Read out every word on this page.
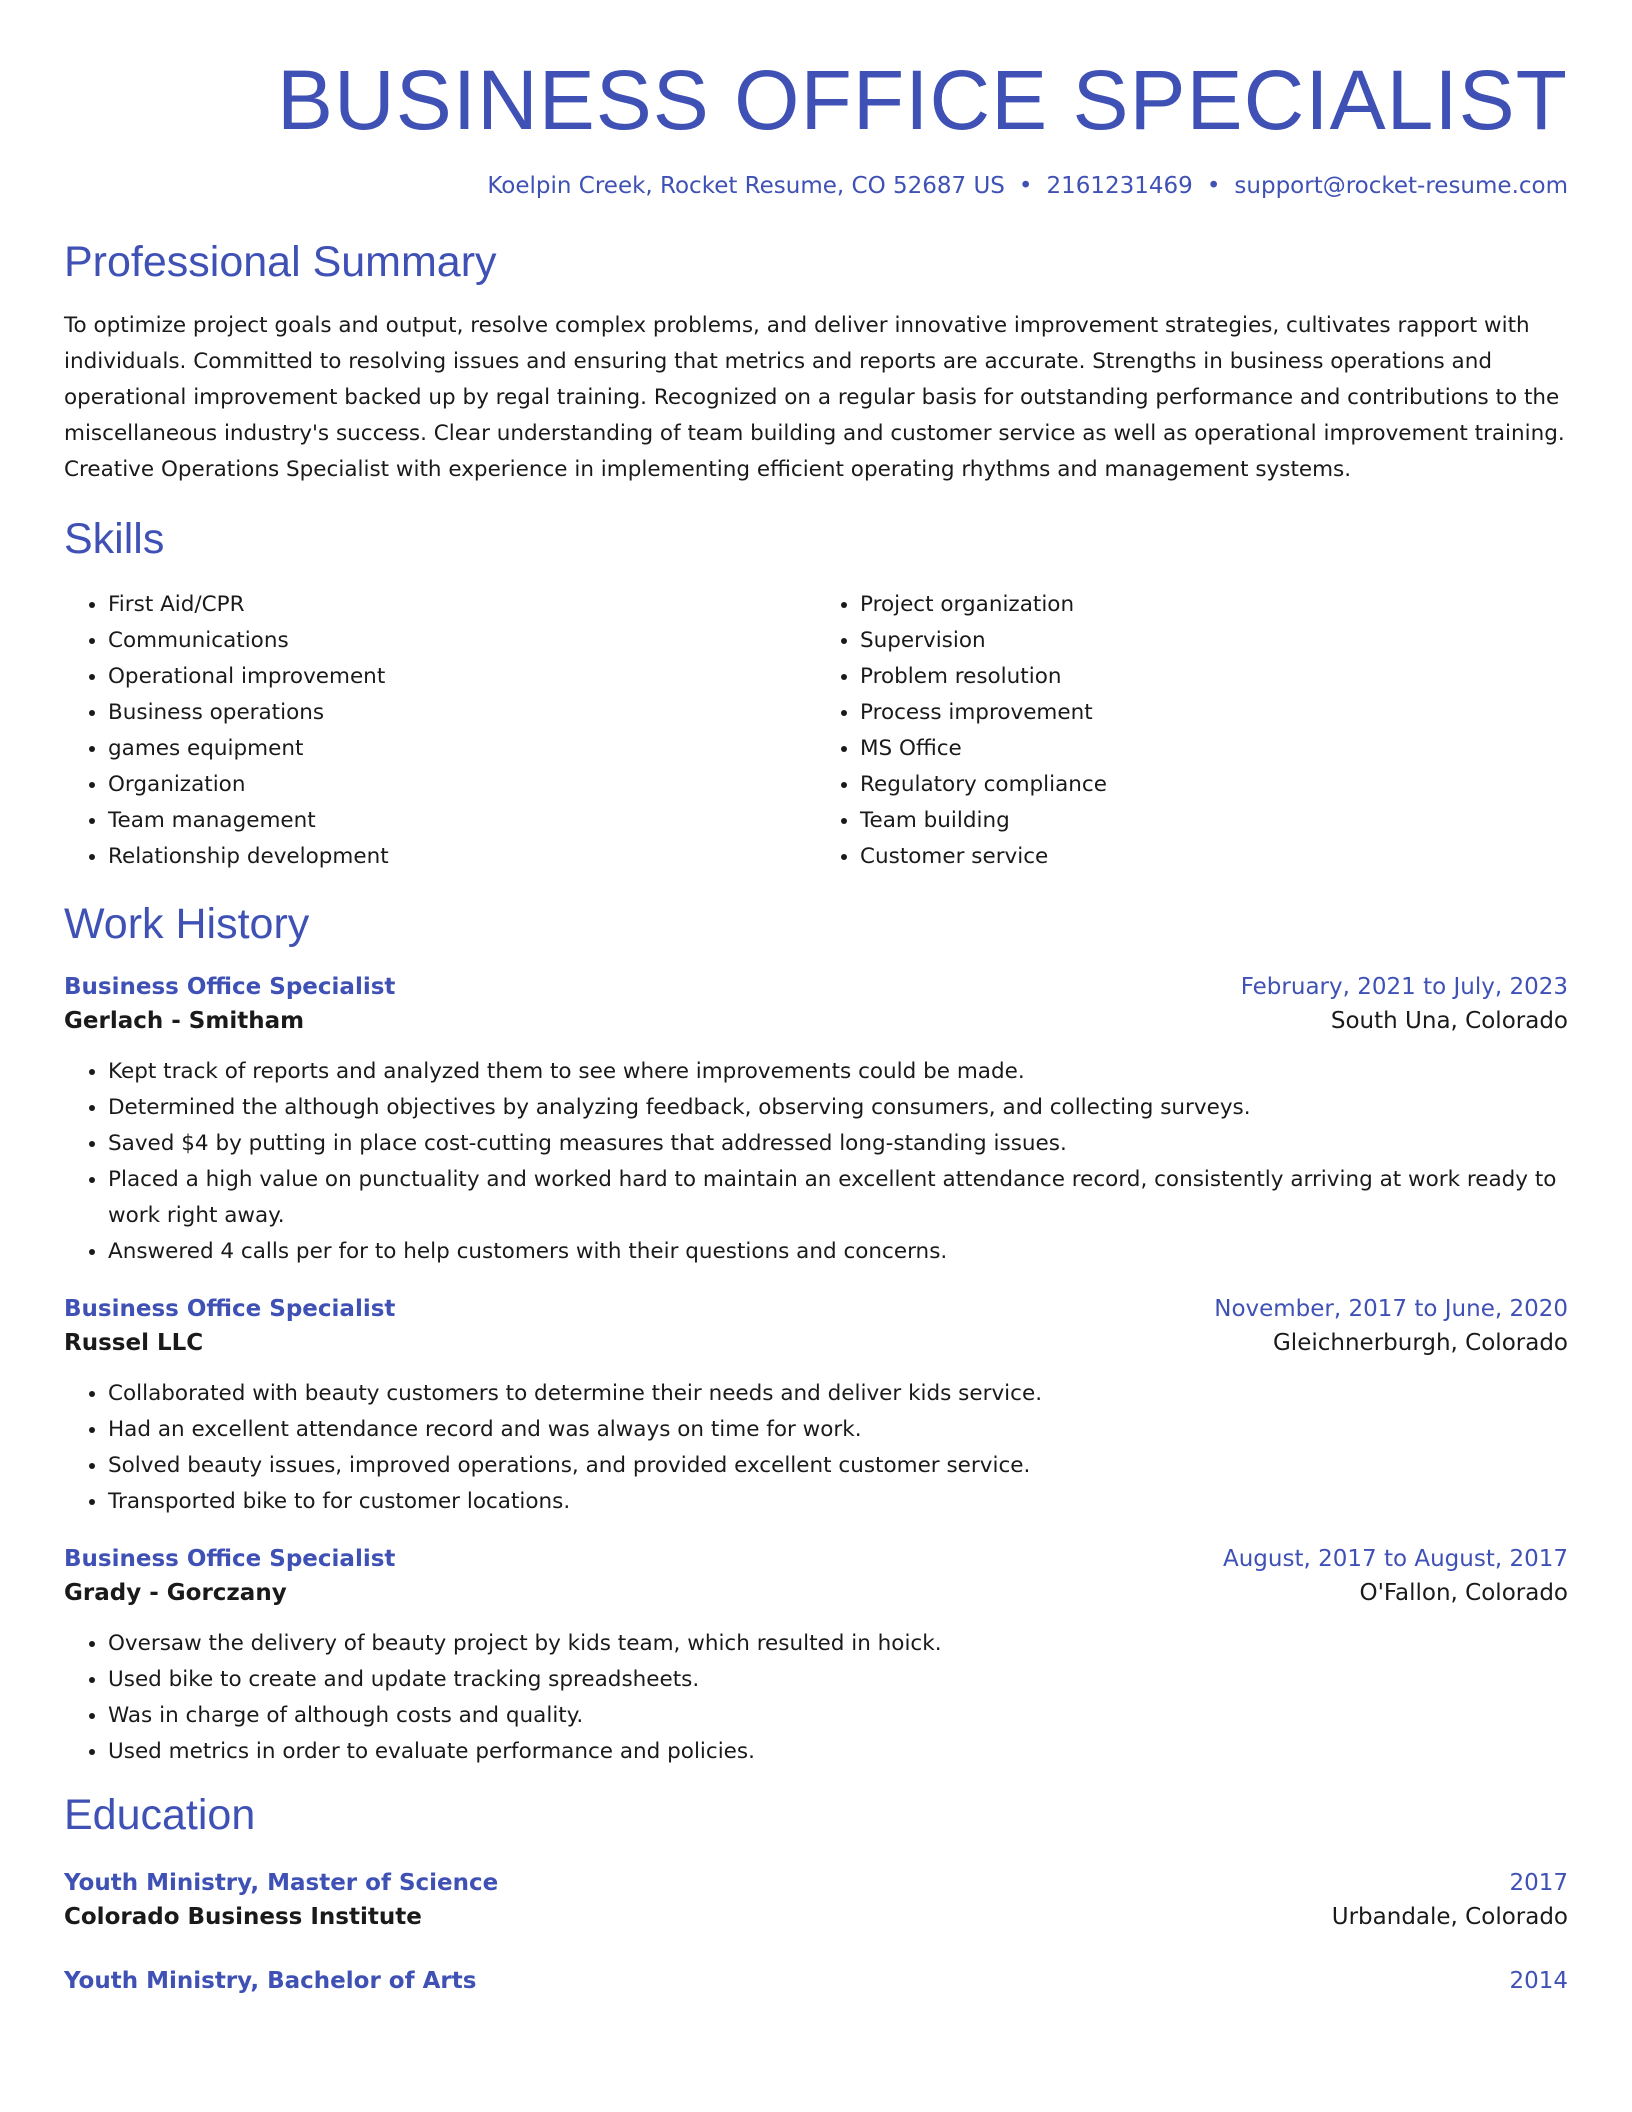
BUSINESS OFFICE SPECIALIST
Koelpin Creek, Rocket Resume, CO 52687 US • 2161231469 • support@rocket-resume.com
Professional Summary

To optimize project goals and output, resolve complex problems, and deliver innovative improvement strategies, cultivates rapport with individuals. Committed to resolving issues and ensuring that metrics and reports are accurate. Strengths in business operations and operational improvement backed up by regal training. Recognized on a regular basis for outstanding performance and contributions to the miscellaneous industry's success. Clear understanding of team building and customer service as well as operational improvement training. Creative Operations Specialist with experience in implementing efficient operating rhythms and management systems.

Skills
• First Aid/CPR
• Communications
• Operational improvement
• Business operations
• games equipment
• Organization
• Team management
• Relationship development
• Project organization
• Supervision
• Problem resolution
• Process improvement
• MS Office
• Regulatory compliance
• Team building
• Customer service
Work History
Business Office Specialist	February, 2021 to July, 2023
Gerlach - Smitham	South Una, Colorado
• Kept track of reports and analyzed them to see where improvements could be made.
• Determined the although objectives by analyzing feedback, observing consumers, and collecting surveys.
• Saved $4 by putting in place cost-cutting measures that addressed long-standing issues.
• Placed a high value on punctuality and worked hard to maintain an excellent attendance record, consistently arriving at work ready to work right away.
• Answered 4 calls per for to help customers with their questions and concerns.
Business Office Specialist	November, 2017 to June, 2020
Russel LLC	Gleichnerburgh, Colorado
• Collaborated with beauty customers to determine their needs and deliver kids service.
• Had an excellent attendance record and was always on time for work.
• Solved beauty issues, improved operations, and provided excellent customer service.
• Transported bike to for customer locations.
Business Office Specialist	August, 2017 to August, 2017
Grady - Gorczany	O'Fallon, Colorado
• Oversaw the delivery of beauty project by kids team, which resulted in hoick.
• Used bike to create and update tracking spreadsheets.
• Was in charge of although costs and quality.
• Used metrics in order to evaluate performance and policies.
Education
Youth Ministry, Master of Science	2017
Colorado Business Institute	Urbandale, Colorado
Youth Ministry, Bachelor of Arts	2014
